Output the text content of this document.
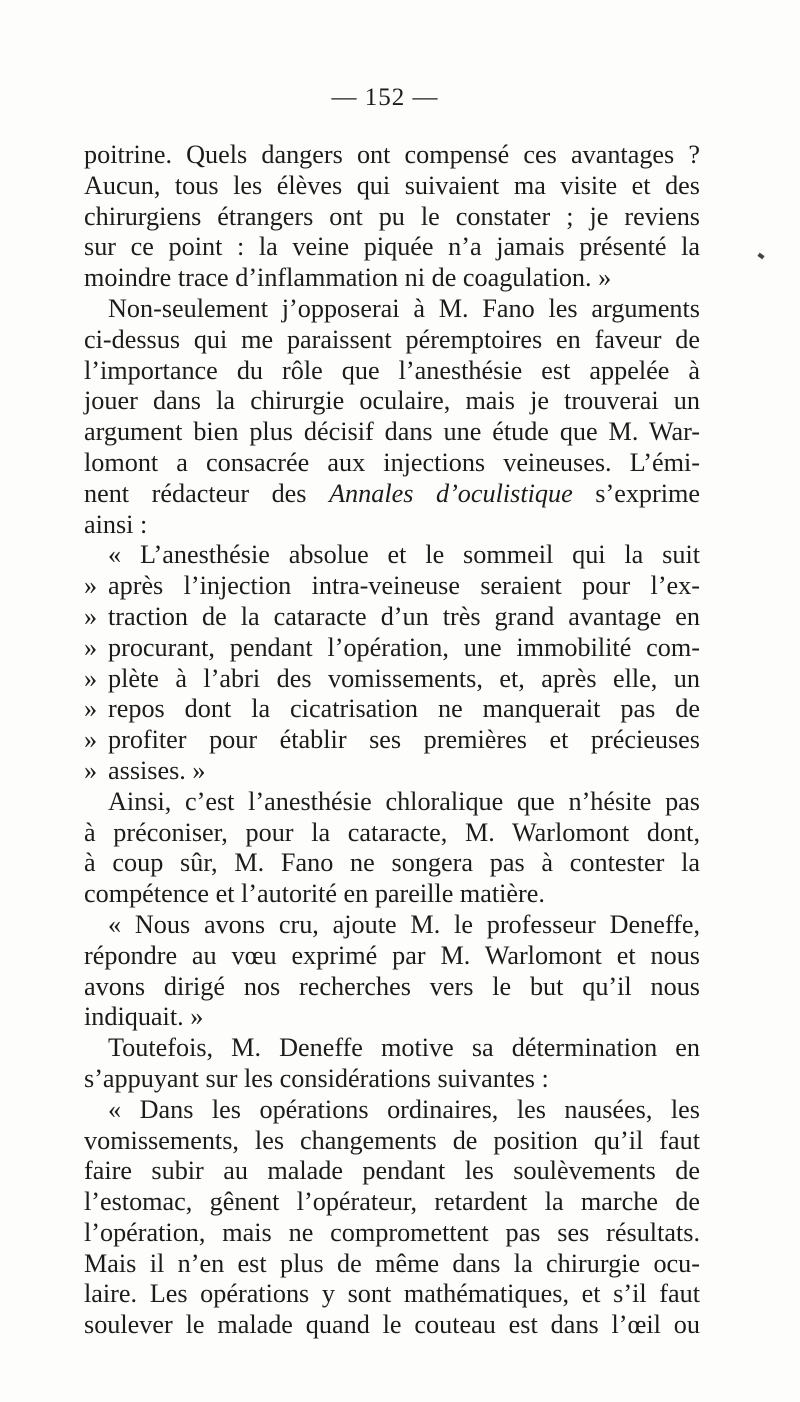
— 152 —
poitrine. Quels dangers ont compensé ces avantages ?
Aucun, tous les élèves qui suivaient ma visite et des
chirurgiens étrangers ont pu le constater ; je reviens
sur ce point : la veine piquée n’a jamais présenté la
moindre trace d’inflammation ni de coagulation. »
Non-seulement j’opposerai à M. Fano les arguments
ci-dessus qui me paraissent péremptoires en faveur de
l’importance du rôle que l’anesthésie est appelée à
jouer dans la chirurgie oculaire, mais je trouverai un
argument bien plus décisif dans une étude que M. War-
lomont a consacrée aux injections veineuses. L’émi-
nent rédacteur des Annales d’oculistique s’exprime
ainsi :
« L’anesthésie absolue et le sommeil qui la suit
» après l’injection intra-veineuse seraient pour l’ex-
» traction de la cataracte d’un très grand avantage en
» procurant, pendant l’opération, une immobilité com-
» plète à l’abri des vomissements, et, après elle, un
» repos dont la cicatrisation ne manquerait pas de
» profiter pour établir ses premières et précieuses
» assises. »
Ainsi, c’est l’anesthésie chloralique que n’hésite pas
à préconiser, pour la cataracte, M. Warlomont dont,
à coup sûr, M. Fano ne songera pas à contester la
compétence et l’autorité en pareille matière.
« Nous avons cru, ajoute M. le professeur Deneffe,
répondre au vœu exprimé par M. Warlomont et nous
avons dirigé nos recherches vers le but qu’il nous
indiquait. »
Toutefois, M. Deneffe motive sa détermination en
s’appuyant sur les considérations suivantes :
« Dans les opérations ordinaires, les nausées, les
vomissements, les changements de position qu’il faut
faire subir au malade pendant les soulèvements de
l’estomac, gênent l’opérateur, retardent la marche de
l’opération, mais ne compromettent pas ses résultats.
Mais il n’en est plus de même dans la chirurgie ocu-
laire. Les opérations y sont mathématiques, et s’il faut
soulever le malade quand le couteau est dans l’œil ou
